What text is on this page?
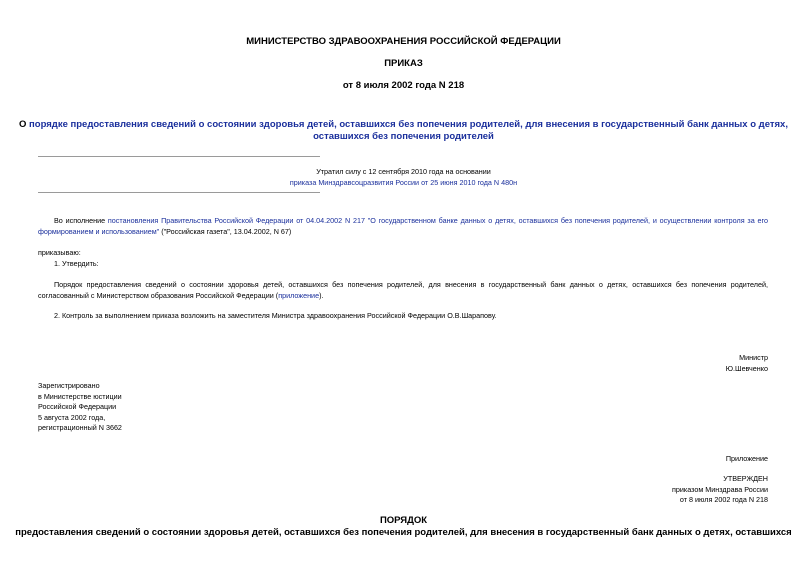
МИНИСТЕРСТВО ЗДРАВООХРАНЕНИЯ РОССИЙСКОЙ ФЕДЕРАЦИИ
ПРИКАЗ
от 8 июля 2002 года N 218
О порядке предоставления сведений о состоянии здоровья детей, оставшихся без попечения родителей, для внесения в государственный банк данных о детях,
оставшихся без попечения родителей
Утратил силу с 12 сентября 2010 года на основании
приказа Минздравсоцразвития России от 25 июня 2010 года N 480н
Во исполнение постановления Правительства Российской Федерации от 04.04.2002 N 217 "О государственном банке данных о детях, оставшихся без попечения родителей, и осуществлении контроля за его формированием и использованием" ("Российская газета", 13.04.2002, N 67)
приказываю:
1. Утвердить:
Порядок предоставления сведений о состоянии здоровья детей, оставшихся без попечения родителей, для внесения в государственный банк данных о детях, оставшихся без попечения родителей, согласованный с Министерством образования Российской Федерации (приложение).
2. Контроль за выполнением приказа возложить на заместителя Министра здравоохранения Российской Федерации О.В.Шарапову.
Министр
Ю.Шевченко
Зарегистрировано
в Министерстве юстиции
Российской Федерации
5 августа 2002 года,
регистрационный N 3662
Приложение
УТВЕРЖДЕН
приказом Минздрава России
от 8 июля 2002 года N 218
ПОРЯДОК
предоставления сведений о состоянии здоровья детей, оставшихся без попечения родителей, для внесения в государственный банк данных о детях, оставшихся
